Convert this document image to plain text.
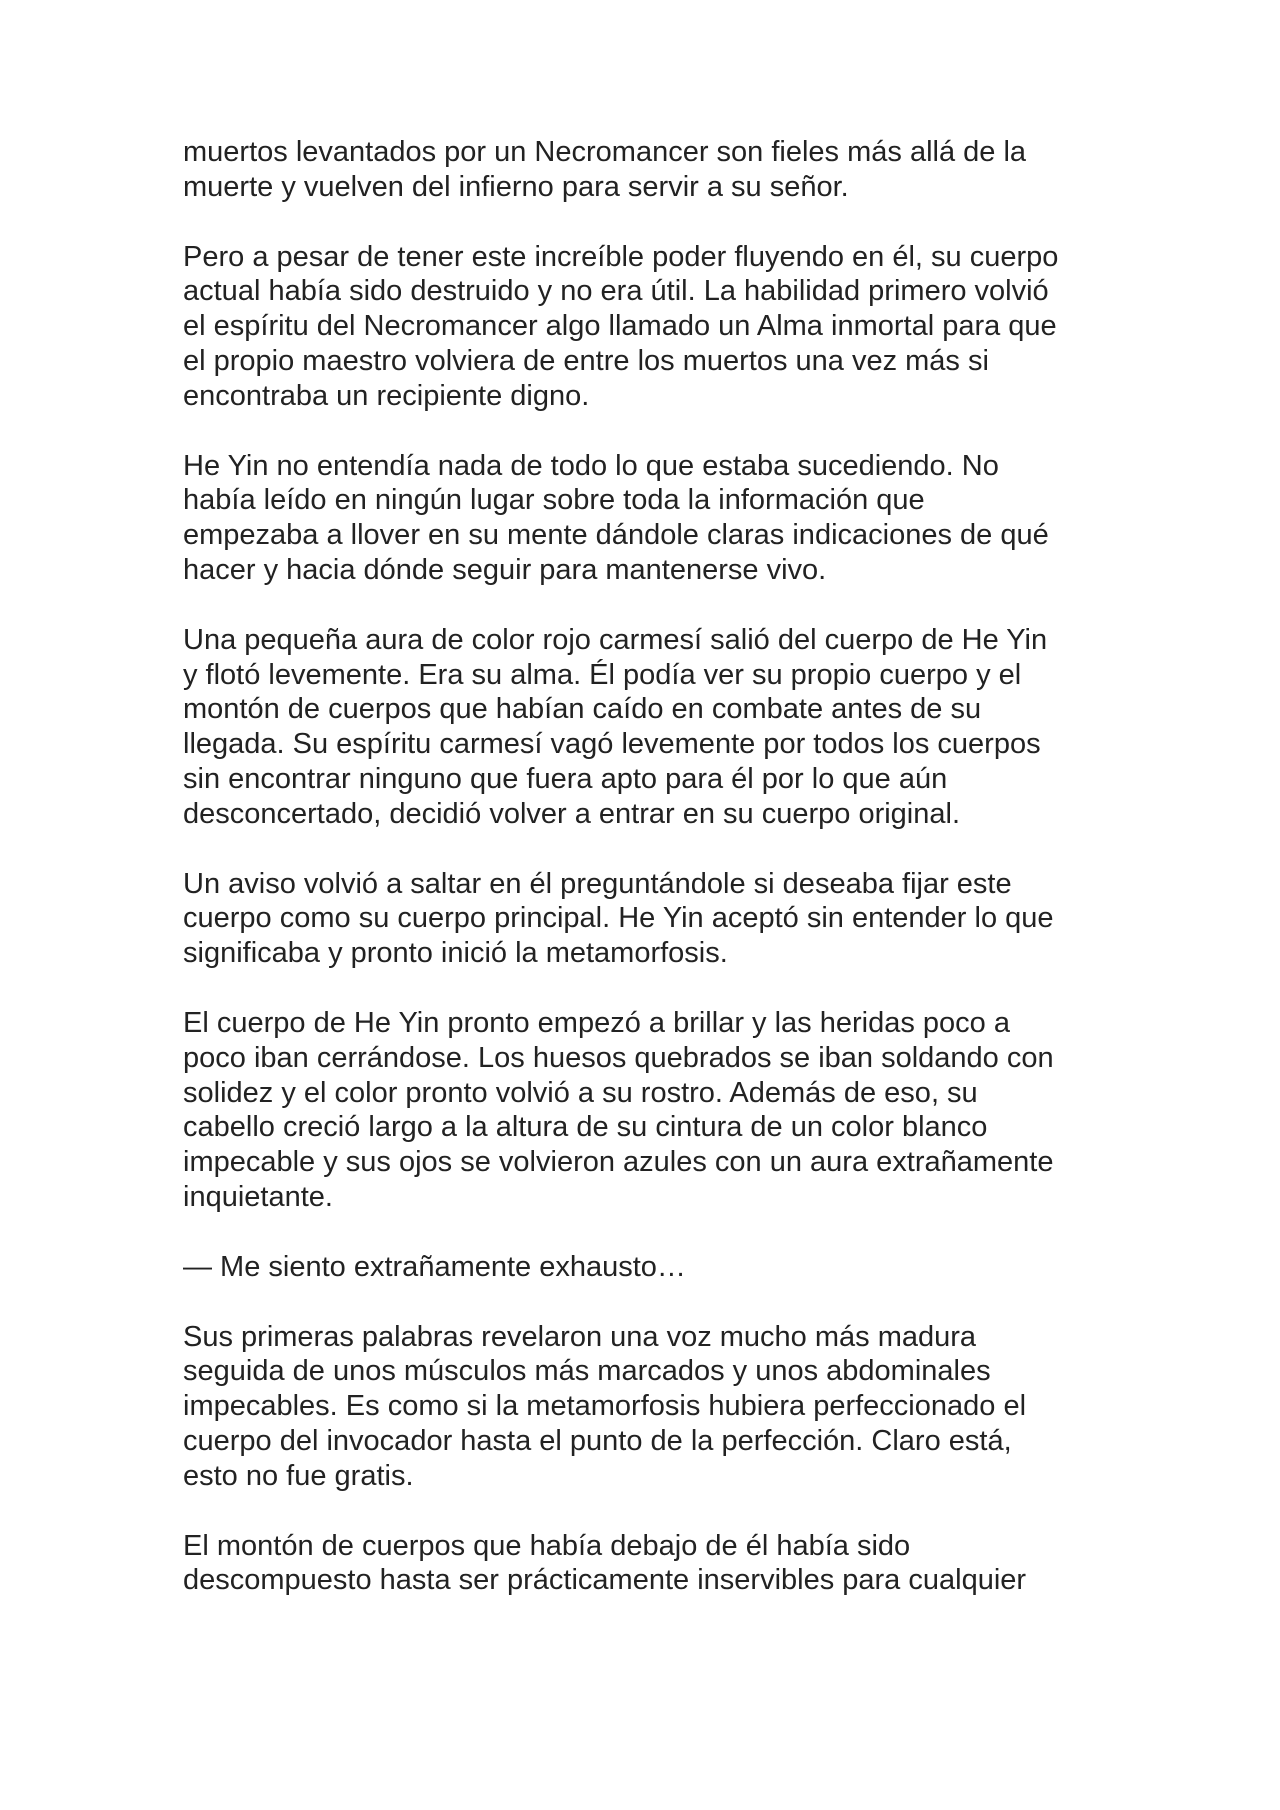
muertos levantados por un Necromancer son fieles más allá de la
muerte y vuelven del infierno para servir a su señor.
Pero a pesar de tener este increíble poder fluyendo en él, su cuerpo
actual había sido destruido y no era útil. La habilidad primero volvió
el espíritu del Necromancer algo llamado un Alma inmortal para que
el propio maestro volviera de entre los muertos una vez más si
encontraba un recipiente digno.
He Yin no entendía nada de todo lo que estaba sucediendo. No
había leído en ningún lugar sobre toda la información que
empezaba a llover en su mente dándole claras indicaciones de qué
hacer y hacia dónde seguir para mantenerse vivo.
Una pequeña aura de color rojo carmesí salió del cuerpo de He Yin
y flotó levemente. Era su alma. Él podía ver su propio cuerpo y el
montón de cuerpos que habían caído en combate antes de su
llegada. Su espíritu carmesí vagó levemente por todos los cuerpos
sin encontrar ninguno que fuera apto para él por lo que aún
desconcertado, decidió volver a entrar en su cuerpo original.
Un aviso volvió a saltar en él preguntándole si deseaba fijar este
cuerpo como su cuerpo principal. He Yin aceptó sin entender lo que
significaba y pronto inició la metamorfosis.
El cuerpo de He Yin pronto empezó a brillar y las heridas poco a
poco iban cerrándose. Los huesos quebrados se iban soldando con
solidez y el color pronto volvió a su rostro. Además de eso, su
cabello creció largo a la altura de su cintura de un color blanco
impecable y sus ojos se volvieron azules con un aura extrañamente
inquietante.
— Me siento extrañamente exhausto…
Sus primeras palabras revelaron una voz mucho más madura
seguida de unos músculos más marcados y unos abdominales
impecables. Es como si la metamorfosis hubiera perfeccionado el
cuerpo del invocador hasta el punto de la perfección. Claro está,
esto no fue gratis.
El montón de cuerpos que había debajo de él había sido
descompuesto hasta ser prácticamente inservibles para cualquier
